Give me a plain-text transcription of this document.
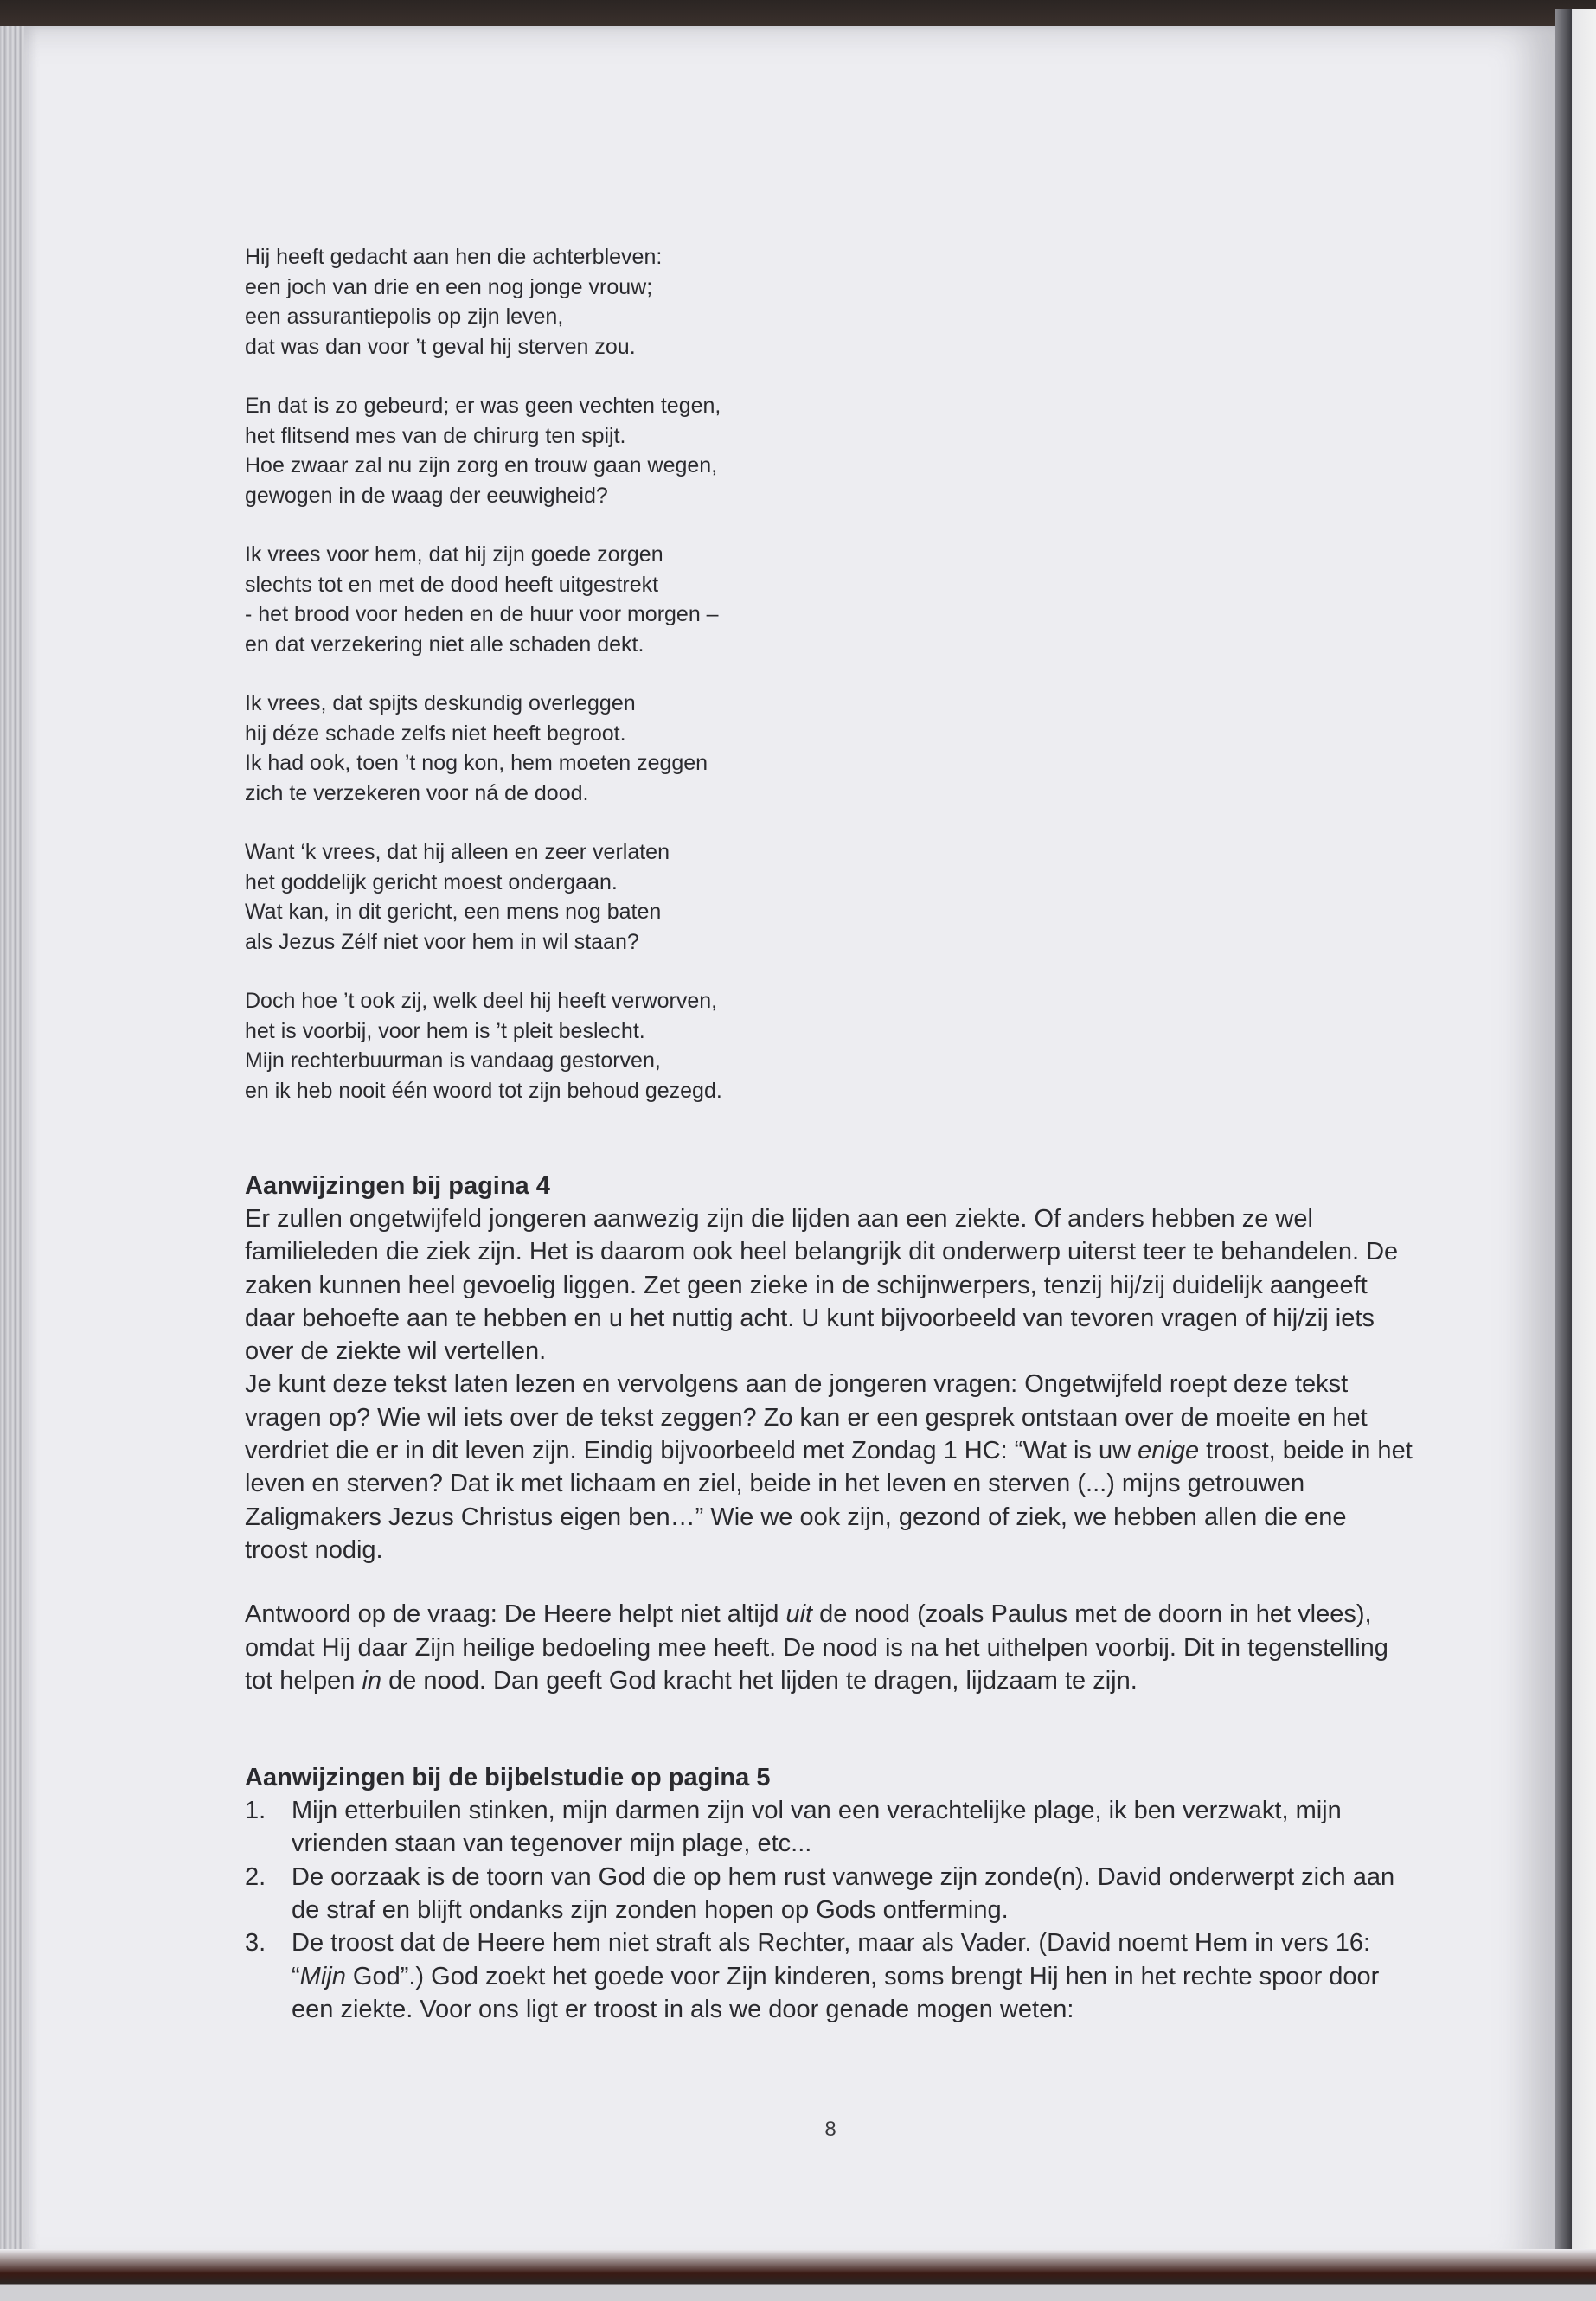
Hij heeft gedacht aan hen die achterbleven:
een joch van drie en een nog jonge vrouw;
een assurantiepolis op zijn leven,
dat was dan voor ’t geval hij sterven zou.
En dat is zo gebeurd; er was geen vechten tegen,
het flitsend mes van de chirurg ten spijt.
Hoe zwaar zal nu zijn zorg en trouw gaan wegen,
gewogen in de waag der eeuwigheid?
Ik vrees voor hem, dat hij zijn goede zorgen
slechts tot en met de dood heeft uitgestrekt
- het brood voor heden en de huur voor morgen –
en dat verzekering niet alle schaden dekt.
Ik vrees, dat spijts deskundig overleggen
hij déze schade zelfs niet heeft begroot.
Ik had ook, toen ’t nog kon, hem moeten zeggen
zich te verzekeren voor ná de dood.
Want ‘k vrees, dat hij alleen en zeer verlaten
het goddelijk gericht moest ondergaan.
Wat kan, in dit gericht, een mens nog baten
als Jezus Zélf niet voor hem in wil staan?
Doch hoe ’t ook zij, welk deel hij heeft verworven,
het is voorbij, voor hem is ’t pleit beslecht.
Mijn rechterbuurman is vandaag gestorven,
en ik heb nooit één woord tot zijn behoud gezegd.
Aanwijzingen bij pagina 4

Er zullen ongetwijfeld jongeren aanwezig zijn die lijden aan een ziekte. Of anders hebben ze wel familieleden die ziek zijn. Het is daarom ook heel belangrijk dit onderwerp uiterst teer te behandelen. De zaken kunnen heel gevoelig liggen. Zet geen zieke in de schijnwerpers, tenzij hij/zij duidelijk aangeeft daar behoefte aan te hebben en u het nuttig acht. U kunt bijvoorbeeld van tevoren vragen of hij/zij iets over de ziekte wil vertellen.

Je kunt deze tekst laten lezen en vervolgens aan de jongeren vragen: Ongetwijfeld roept deze tekst vragen op? Wie wil iets over de tekst zeggen? Zo kan er een gesprek ontstaan over de moeite en het verdriet die er in dit leven zijn. Eindig bijvoorbeeld met Zondag 1 HC: “Wat is uw enige troost, beide in het leven en sterven? Dat ik met lichaam en ziel, beide in het leven en sterven (...) mijns getrouwen Zaligmakers Jezus Christus eigen ben…” Wie we ook zijn, gezond of ziek, we hebben allen die ene troost nodig.

Antwoord op de vraag: De Heere helpt niet altijd uit de nood (zoals Paulus met de doorn in het vlees), omdat Hij daar Zijn heilige bedoeling mee heeft. De nood is na het uithelpen voorbij. Dit in tegenstelling tot helpen in de nood. Dan geeft God kracht het lijden te dragen, lijdzaam te zijn.

Aanwijzingen bij de bijbelstudie op pagina 5
1.	Mijn etterbuilen stinken, mijn darmen zijn vol van een verachtelijke plage, ik ben verzwakt, mijn vrienden staan van tegenover mijn plage, etc...
2.	De oorzaak is de toorn van God die op hem rust vanwege zijn zonde(n). David onderwerpt zich aan de straf en blijft ondanks zijn zonden hopen op Gods ontferming.
3.	De troost dat de Heere hem niet straft als Rechter, maar als Vader. (David noemt Hem in vers 16: “Mijn God”.) God zoekt het goede voor Zijn kinderen, soms brengt Hij hen in het rechte spoor door een ziekte. Voor ons ligt er troost in als we door genade mogen weten:
8
